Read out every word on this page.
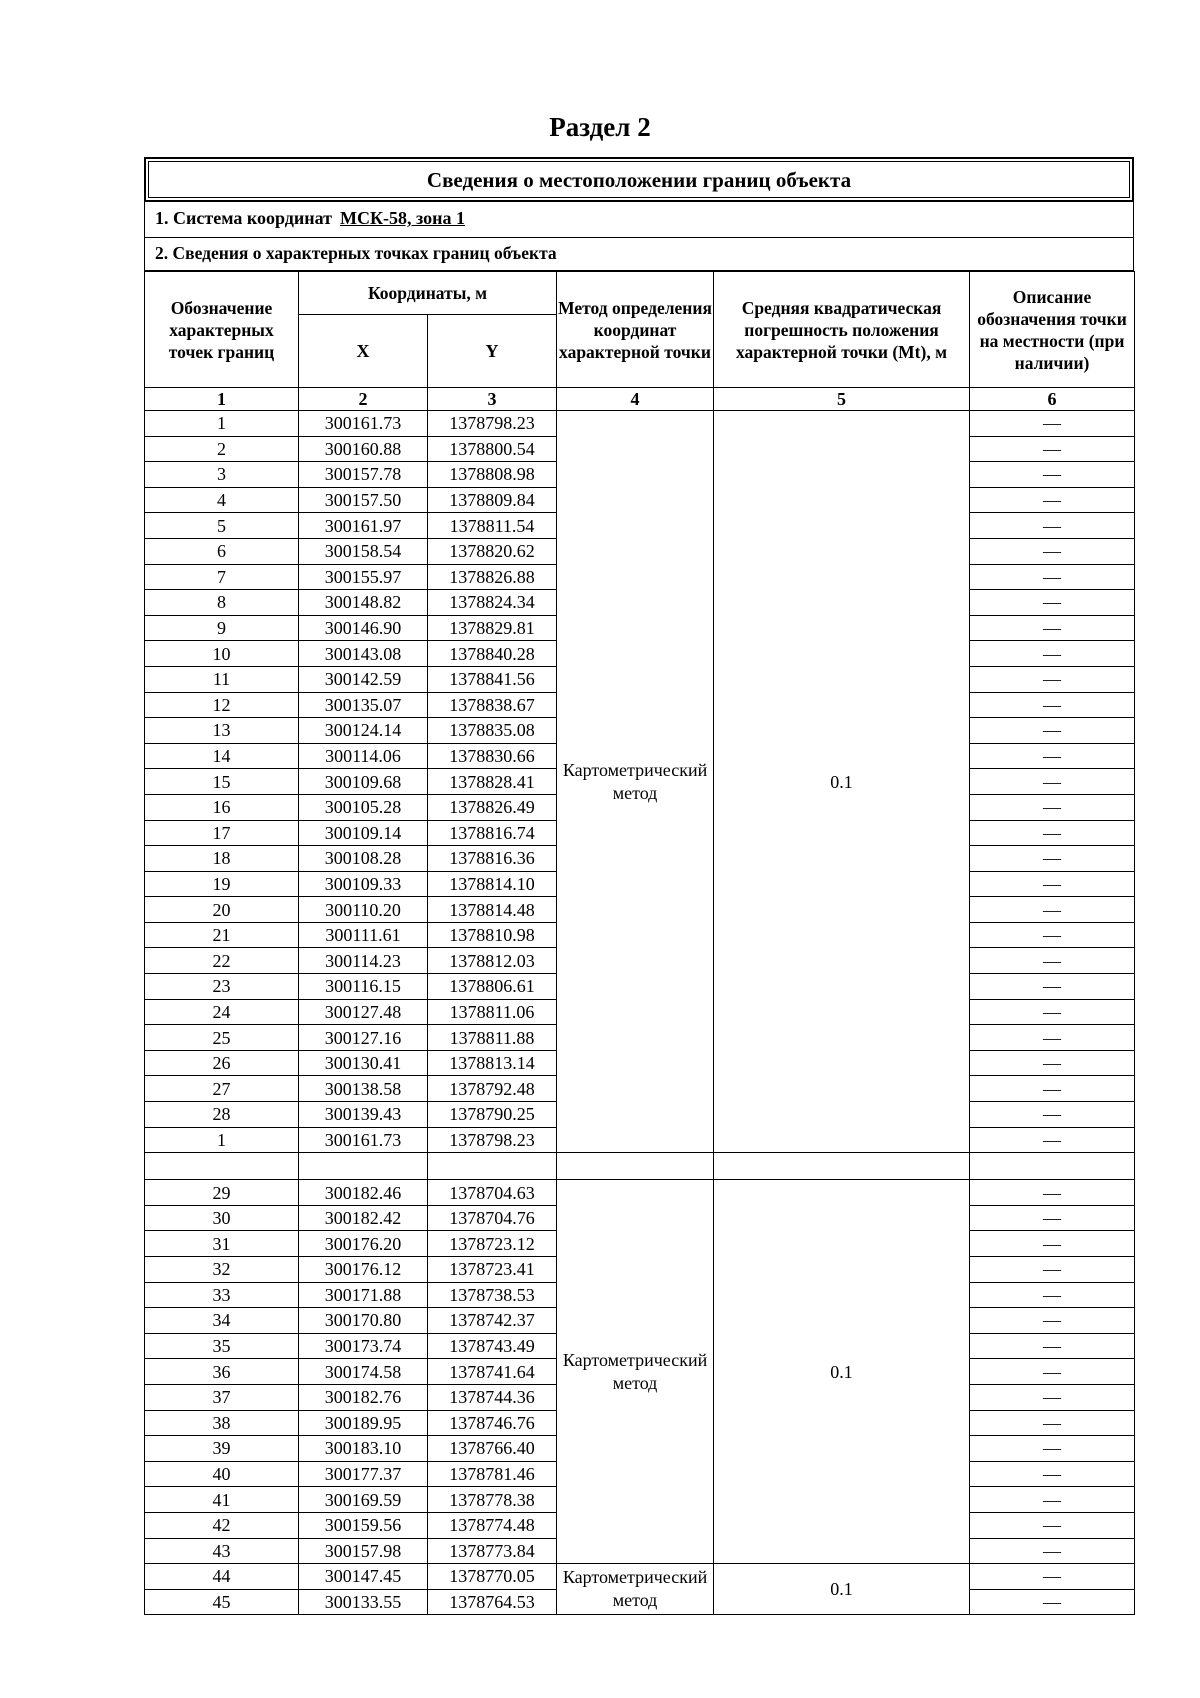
Раздел 2
Сведения о местоположении границ объекта
1. Система координат МСК-58, зона 1
2. Сведения о характерных точках границ объекта
Обозначение характерных точек границ	Координаты, м		Метод определения координат характерной точки	Средняя квадратическая погрешность положения характерной точки (Mt), м	Описание обозначения точки на местности (при наличии)
	X	Y			
1	2	3	4	5	6
1	300161.73	1378798.23	Картометрический метод	0.1	—
2	300160.88	1378800.54			—
3	300157.78	1378808.98			—
4	300157.50	1378809.84			—
5	300161.97	1378811.54			—
6	300158.54	1378820.62			—
7	300155.97	1378826.88			—
8	300148.82	1378824.34			—
9	300146.90	1378829.81			—
10	300143.08	1378840.28			—
11	300142.59	1378841.56			—
12	300135.07	1378838.67			—
13	300124.14	1378835.08			—
14	300114.06	1378830.66			—
15	300109.68	1378828.41			—
16	300105.28	1378826.49			—
17	300109.14	1378816.74			—
18	300108.28	1378816.36			—
19	300109.33	1378814.10			—
20	300110.20	1378814.48			—
21	300111.61	1378810.98			—
22	300114.23	1378812.03			—
23	300116.15	1378806.61			—
24	300127.48	1378811.06			—
25	300127.16	1378811.88			—
26	300130.41	1378813.14			—
27	300138.58	1378792.48			—
28	300139.43	1378790.25			—
1	300161.73	1378798.23			—

29	300182.46	1378704.63	Картометрический метод	0.1	—
30	300182.42	1378704.76			—
31	300176.20	1378723.12			—
32	300176.12	1378723.41			—
33	300171.88	1378738.53			—
34	300170.80	1378742.37			—
35	300173.74	1378743.49			—
36	300174.58	1378741.64			—
37	300182.76	1378744.36			—
38	300189.95	1378746.76			—
39	300183.10	1378766.40			—
40	300177.37	1378781.46			—
41	300169.59	1378778.38			—
42	300159.56	1378774.48			—
43	300157.98	1378773.84			—
44	300147.45	1378770.05	Картометрический метод	0.1	—
45	300133.55	1378764.53			—
